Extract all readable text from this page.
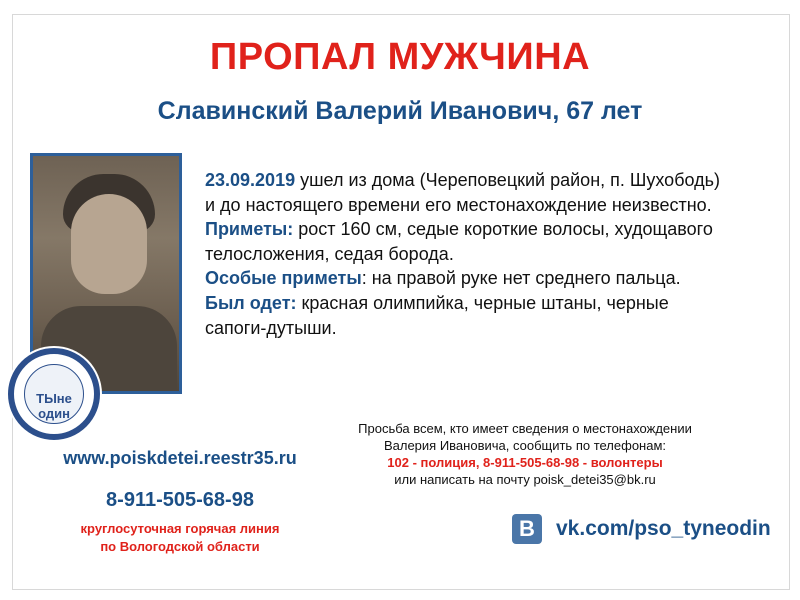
ПРОПАЛ МУЖЧИНА
Славинский Валерий Иванович, 67 лет
ТЫне один
23.09.2019 ушел из дома (Череповецкий район, п. Шухободь)
и до настоящего времени его местонахождение неизвестно.
Приметы: рост 160 см, седые короткие волосы, худощавого
телосложения, седая борода.
Особые приметы: на правой руке нет среднего пальца.
Был одет: красная олимпийка, черные штаны, черные
сапоги-дутыши.
Просьба всем, кто имеет сведения о местонахождении
Валерия Ивановича, сообщить по телефонам:
102 - полиция, 8-911-505-68-98 - волонтеры
или написать на почту poisk_detei35@bk.ru
www.poiskdetei.reestr35.ru
8-911-505-68-98
круглосуточная горячая линия
по Вологодской области
В	vk.com/pso_tyneodin
